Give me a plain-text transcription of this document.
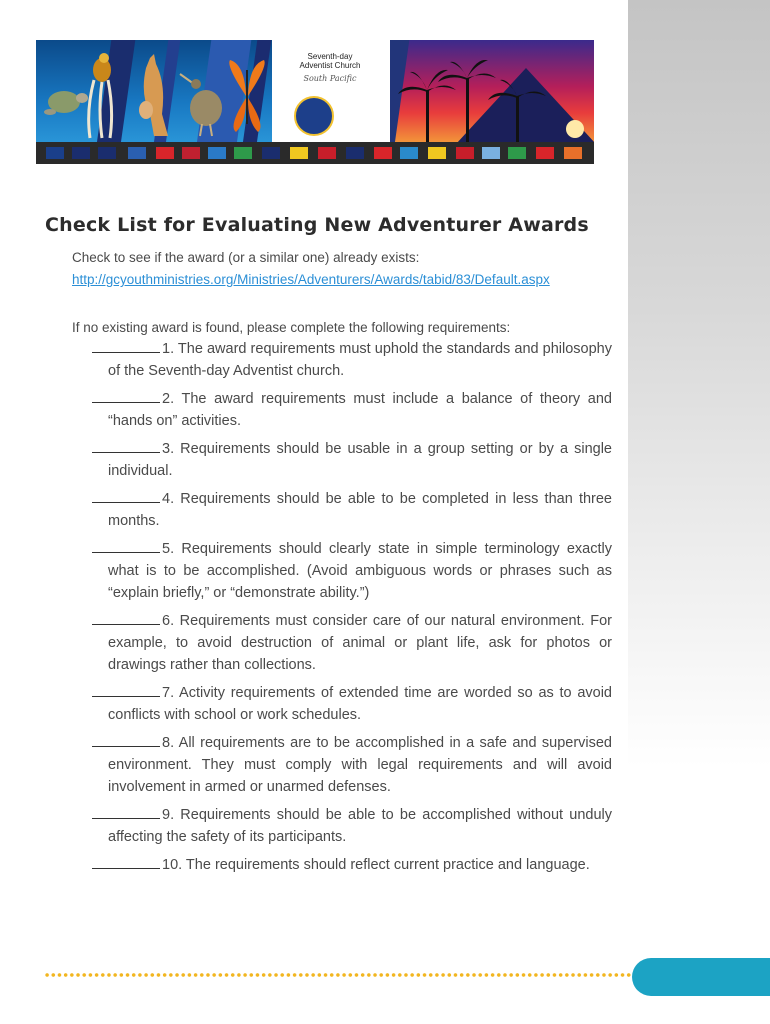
Seventh-day
Adventist Church
South Pacific
Check List for Evaluating New Adventurer Awards
Check to see if the award (or a similar one) already exists:
http://gcyouthministries.org/Ministries/Adventurers/Awards/tabid/83/Default.aspx
If no existing award is found, please complete the following requirements:
1. The award requirements must uphold the standards and philosophy of the Seventh-day Adventist church.
2. The award requirements must include a balance of theory and “hands on” activities.
3. Requirements should be usable in a group setting or by a single individual.
4. Requirements should be able to be completed in less than three months.
5. Requirements should clearly state in simple terminology exactly what is to be accomplished. (Avoid ambiguous words or phrases such as “explain briefly,” or “demonstrate ability.”)
6. Requirements must consider care of our natural environment. For example, to avoid destruction of animal or plant life, ask for photos or drawings rather than collections.
7. Activity requirements of extended time are worded so as to avoid conflicts with school or work schedules.
8. All requirements are to be accomplished in a safe and supervised environment. They must comply with legal requirements and will avoid involvement in armed or unarmed defenses.
9. Requirements should be able to be accomplished without unduly affecting the safety of its participants.
10. The requirements should reflect current practice and language.
